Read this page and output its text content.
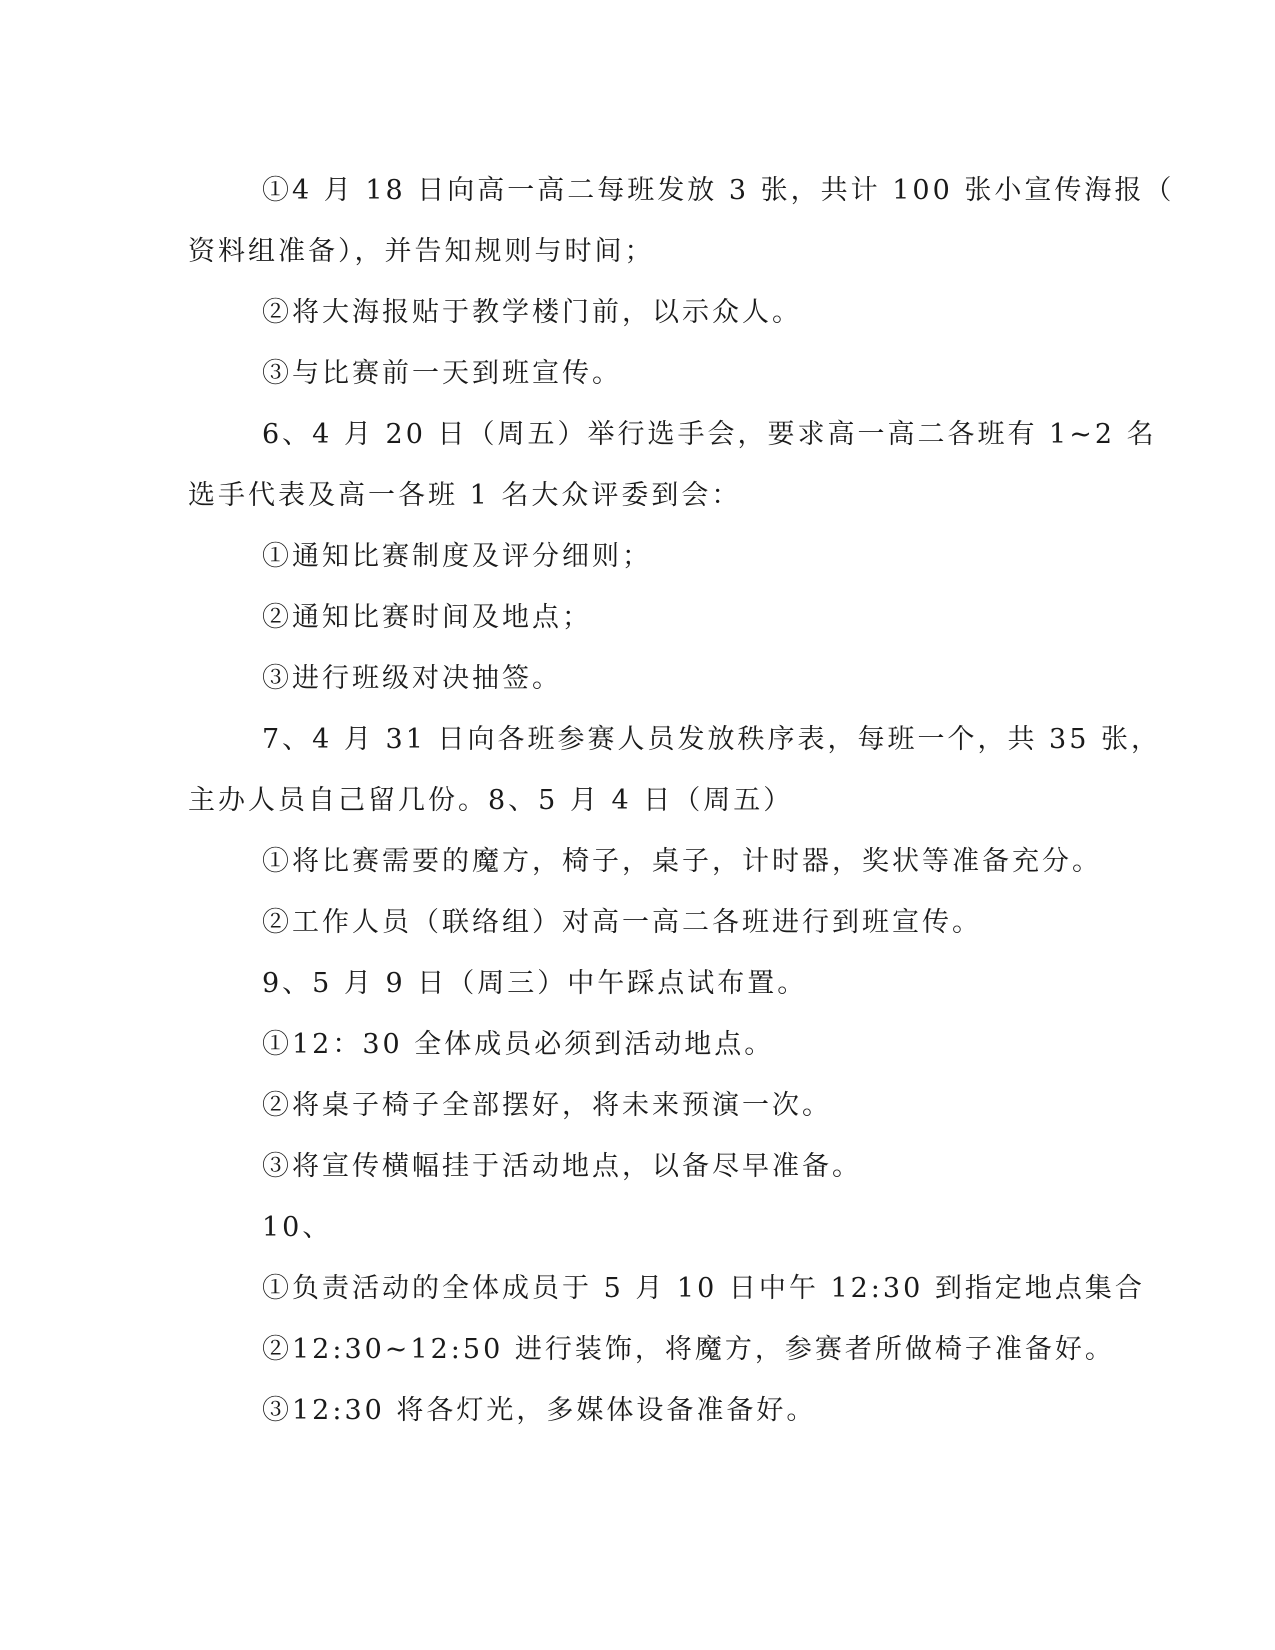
①4 月 18 日向高一高二每班发放 3 张，共计 100 张小宣传海报（
资料组准备），并告知规则与时间；
②将大海报贴于教学楼门前，以示众人。
③与比赛前一天到班宣传。
6、4 月 20 日（周五）举行选手会，要求高一高二各班有 1~2 名
选手代表及高一各班 1 名大众评委到会：
①通知比赛制度及评分细则；
②通知比赛时间及地点；
③进行班级对决抽签。
7、4 月 31 日向各班参赛人员发放秩序表，每班一个，共 35 张，
主办人员自己留几份。8、5 月 4 日（周五）
①将比赛需要的魔方，椅子，桌子，计时器，奖状等准备充分。
②工作人员（联络组）对高一高二各班进行到班宣传。
9、5 月 9 日（周三）中午踩点试布置。
①12：30 全体成员必须到活动地点。
②将桌子椅子全部摆好，将未来预演一次。
③将宣传横幅挂于活动地点，以备尽早准备。
10、
①负责活动的全体成员于 5 月 10 日中午 12:30 到指定地点集合
②12:30~12:50 进行装饰，将魔方，参赛者所做椅子准备好。
③12:30 将各灯光，多媒体设备准备好。
